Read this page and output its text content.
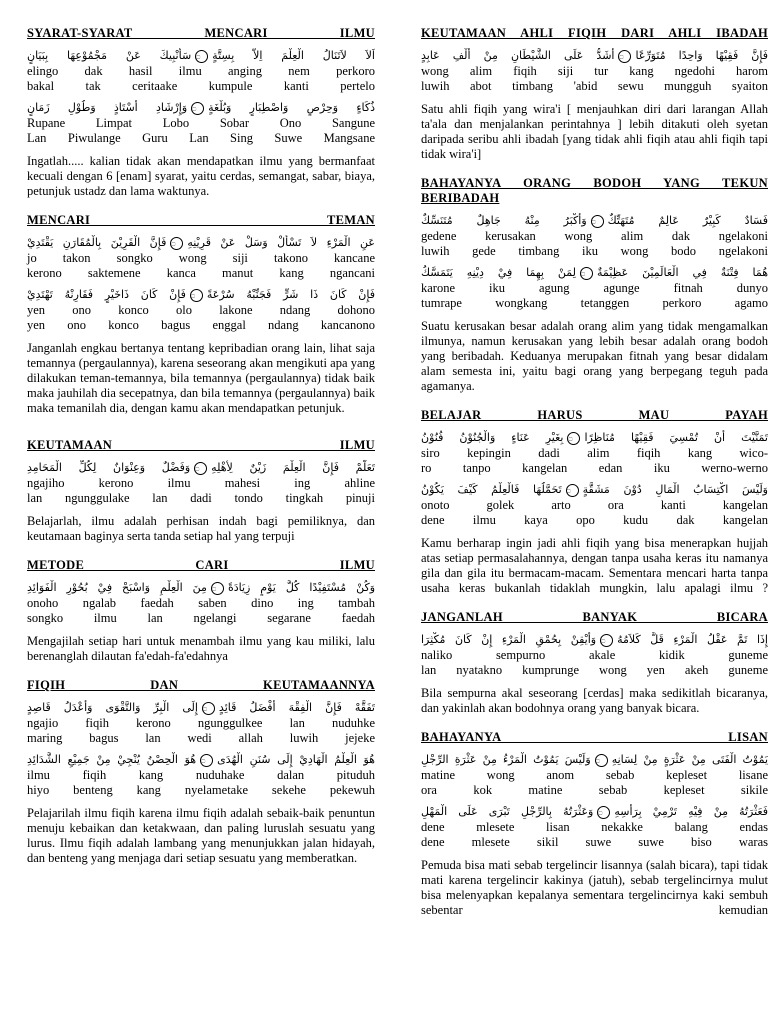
SYARAT-SYARAT MENCARI ILMU
اَلاَ لاَتَنَالُ الْعِلْمَ اِلاَّ بِسِتَّةٍ۝سَأُنْبِيكَ عَنْ مَجْمُوْعِهَا بِبَيَانٍ
elingo dak hasil ilmu anging nem perkoro
bakal tak ceritaake kumpule kanti pertelo
ذُكَاءٍ وَحِرْصٍ وَاصْطِبَارٍ وَبُلْغَةٍ۝وَإِرْشَادِ أُسْتَاذٍ وَطُوْلِ زَمَانٍ
Rupane Limpat Lobo Sobar Ono Sangune
Lan Piwulange Guru Lan Sing Suwe Mangsane
Ingatlah..... kalian tidak akan mendapatkan ilmu yang bermanfaat kecuali dengan 6 [enam] syarat, yaitu cerdas, semangat, sabar, biaya, petunjuk ustadz dan lama waktunya.
MENCARI TEMAN
عَنِ الْمَرْءِ لاَ تَسْأَلْ وَسَلْ عَنْ قَرِيْنِهِ۝فَإِنَّ الْقَرِيْنَ بِالْمُقَارَنِ يَقْتَدِيْ
jo takon songko wong siji takono kancane
kerono saktemene kanca manut kang ngancani
فَإِنْ كَانَ ذَا شَرٍّ فَجَنِّبْهُ سُرْعَةً۝فَإِنْ كَانَ ذَاخَيْرٍ فَقَارِنْهُ تَهْتَدِيْ
yen ono konco olo lakone ndang dohono
yen ono konco bagus enggal ndang kancanono
Janganlah engkau bertanya tentang kepribadian orang lain, lihat saja temannya (pergaulannya), karena seseorang akan mengikuti apa yang dilakukan teman-temannya, bila temannya (pergaulannya) tidak baik maka jauhilah dia secepatnya, dan bila temannya (pergaulannya) baik maka temanilah dia, dengan kamu akan mendapatkan petunjuk.
KEUTAMAAN ILMU
تَعَلَّمْ فَإِنَّ الْعِلْمَ زَيْنٌ لِأَهْلِهِ۝وَفَضْلٌ وَعِنْوَانٌ لِكُلِّ الْمَحَامِدِ
ngajiho kerono ilmu mahesi ing ahline
lan ngunggulake lan dadi tondo tingkah pinuji
Belajarlah, ilmu adalah perhisan indah bagi pemiliknya, dan keutamaan baginya serta tanda setiap hal yang terpuji
METODE CARI ILMU
وَكُنْ مُسْتَفِيْدًا كُلَّ يَوْمٍ زِيَادَةً۝مِنَ الْعِلْمِ وَاسْبَحْ فِيْ بُحُوْرِ الْفَوَائِدِ
onoho ngalab faedah saben dino ing tambah
songko ilmu lan ngelangi segarane faedah
Mengajilah setiap hari untuk menambah ilmu yang kau miliki, lalu berenanglah dilautan fa'edah-fa'edahnya
FIQIH DAN KEUTAMAANNYA
تَفَقَّهْ فَإِنَّ الْفِقْهَ أَفْضَلُ قَائِدٍ۝إِلَى الْبِرِّ وَالتَّقْوَى وَأَعْدَلُ قَاصِدٍ
ngajio fiqih kerono ngunggulkee lan nuduhke
maring bagus lan wedi allah luwih jejeke
هُوَ الْعِلْمُ الْهَادِيْ إِلَى سُنَنِ الْهُدَى۝هُوَ الْحِصْنُ يُنْجِيْ مِنْ جَمِيْعِ الشَّدَائِدِ
ilmu fiqih kang nuduhake dalan pituduh
hiyo benteng kang nyelametake sekehe pekewuh
Pelajarilah ilmu fiqih karena ilmu fiqih adalah sebaik-baik penuntun menuju kebaikan dan ketakwaan, dan paling luruslah sesuatu yang lurus. Ilmu fiqih adalah lambang yang menunjukkan jalan hidayah, dan benteng yang menjaga dari setiap sesuatu yang memberatkan.
KEUTAMAAN AHLI FIQIH DARI AHLI IBADAH
فَإِنَّ فَقِيْهًا وَاحِدًا مُتَوَرِّعًا۝أَشَدُّ عَلَى الشَّيْطَانِ مِنْ أَلْفِ عَابِدٍ
wong alim fiqih siji tur kang ngedohi harom
luwih abot timbang 'abid sewu mungguh syaiton
Satu ahli fiqih yang wira'i [ menjauhkan diri dari larangan Allah ta'ala dan menjalankan perintahnya ] lebih ditakuti oleh syetan daripada seribu ahli ibadah [yang tidak ahli fiqih atau ahli fiqih tapi tidak wira'i]
BAHAYANYA ORANG BODOH YANG TEKUN BERIBADAH
فَسَادٌ كَبِيْرٌ عَالِمٌ مُتَهَتِّكٌ۝وَأَكْبَرُ مِنْهُ جَاهِلٌ مُتَنَسِّكٌ
gedene kerusakan wong alim dak ngelakoni
luwih gede timbang iku wong bodo ngelakoni
هُمَا فِتْنَةٌ فِي الْعَالَمِيْنَ عَظِيْمَةٌ۝لِمَنْ بِهِمَا فِيْ دِيْنِهِ يَتَمَسَّكُ
karone iku agung agunge fitnah dunyo
tumrape wongkang tetanggen perkoro agamo
Suatu kerusakan besar adalah orang alim yang tidak mengamalkan ilmunya, namun kerusakan yang lebih besar adalah orang bodoh yang beribadah. Keduanya merupakan fitnah yang besar didalam alam semesta ini, yaitu bagi orang yang berpegang teguh pada agamanya.
BELAJAR HARUS MAU PAYAH
تَمَنَّيْتَ أَنْ تُمْسِيَ فَقِيْهًا مُنَاظِرًا۝بِغَيْرِ عَنَاءٍ وَالْجُنُوْنُ فُنُوْنُ
siro kepingin dadi alim fiqih kang wico-
ro tanpo kangelan edan iku werno-werno
وَلَيْسَ اكْتِسَابُ الْمَالِ دُوْنَ مَشَقَّةٍ۝تَحَمَّلُهَا فَالْعِلْمُ كَيْفَ يَكُوْنُ
onoto golek arto ora kanti kangelan
dene ilmu kaya opo kudu dak kangelan
Kamu berharap ingin jadi ahli fiqih yang bisa menerapkan hujjah atas setiap permasalahannya, dengan tanpa usaha keras itu namanya gila dan gila itu bermacam-macam. Sementara mencari harta tanpa usaha keras bukanlah tidaklah mungkin, lalu apalagi ilmu ?
JANGANLAH BANYAK BICARA
إِذَا تَمَّ عَقْلُ الْمَرْءِ قَلَّ كَلاَمُهُ۝وَأَيْقِنْ بِحُمْقِ الْمَرْءِ إِنْ كَانَ مُكْثِرَا
naliko sempurno akale kidik guneme
lan nyatakno kumprunge wong yen akeh guneme
Bila sempurna akal seseorang [cerdas] maka sedikitlah bicaranya, dan yakinlah akan bodohnya orang yang banyak bicara.
BAHAYANYA LISAN
يَمُوْتُ الْفَتَى مِنْ عَثْرَةٍ مِنْ لِسَانِهِ۝وَلَيْسَ يَمُوْتُ الْمَرْءُ مِنْ عَثْرَةِ الرِّجْلِ
matine wong anom sebab kepleset lisane
ora kok matine sebab kepleset sikile
فَعَثْرَتُهُ مِنْ فِيْهِ تَرْمِيْ بِرَأْسِهِ۝وَعَثْرَتُهُ بِالرِّجْلِ تَبْرَى عَلَى الْمَهْلِ
dene mlesete lisan nekakke balang endas
dene mlesete sikil suwe suwe biso waras
Pemuda bisa mati sebab tergelincir lisannya (salah bicara), tapi tidak mati karena tergelincir kakinya (jatuh), sebab tergelincirnya mulut bisa melenyapkan kepalanya sementara tergelincirnya kaki sembuh sebentar kemudian
